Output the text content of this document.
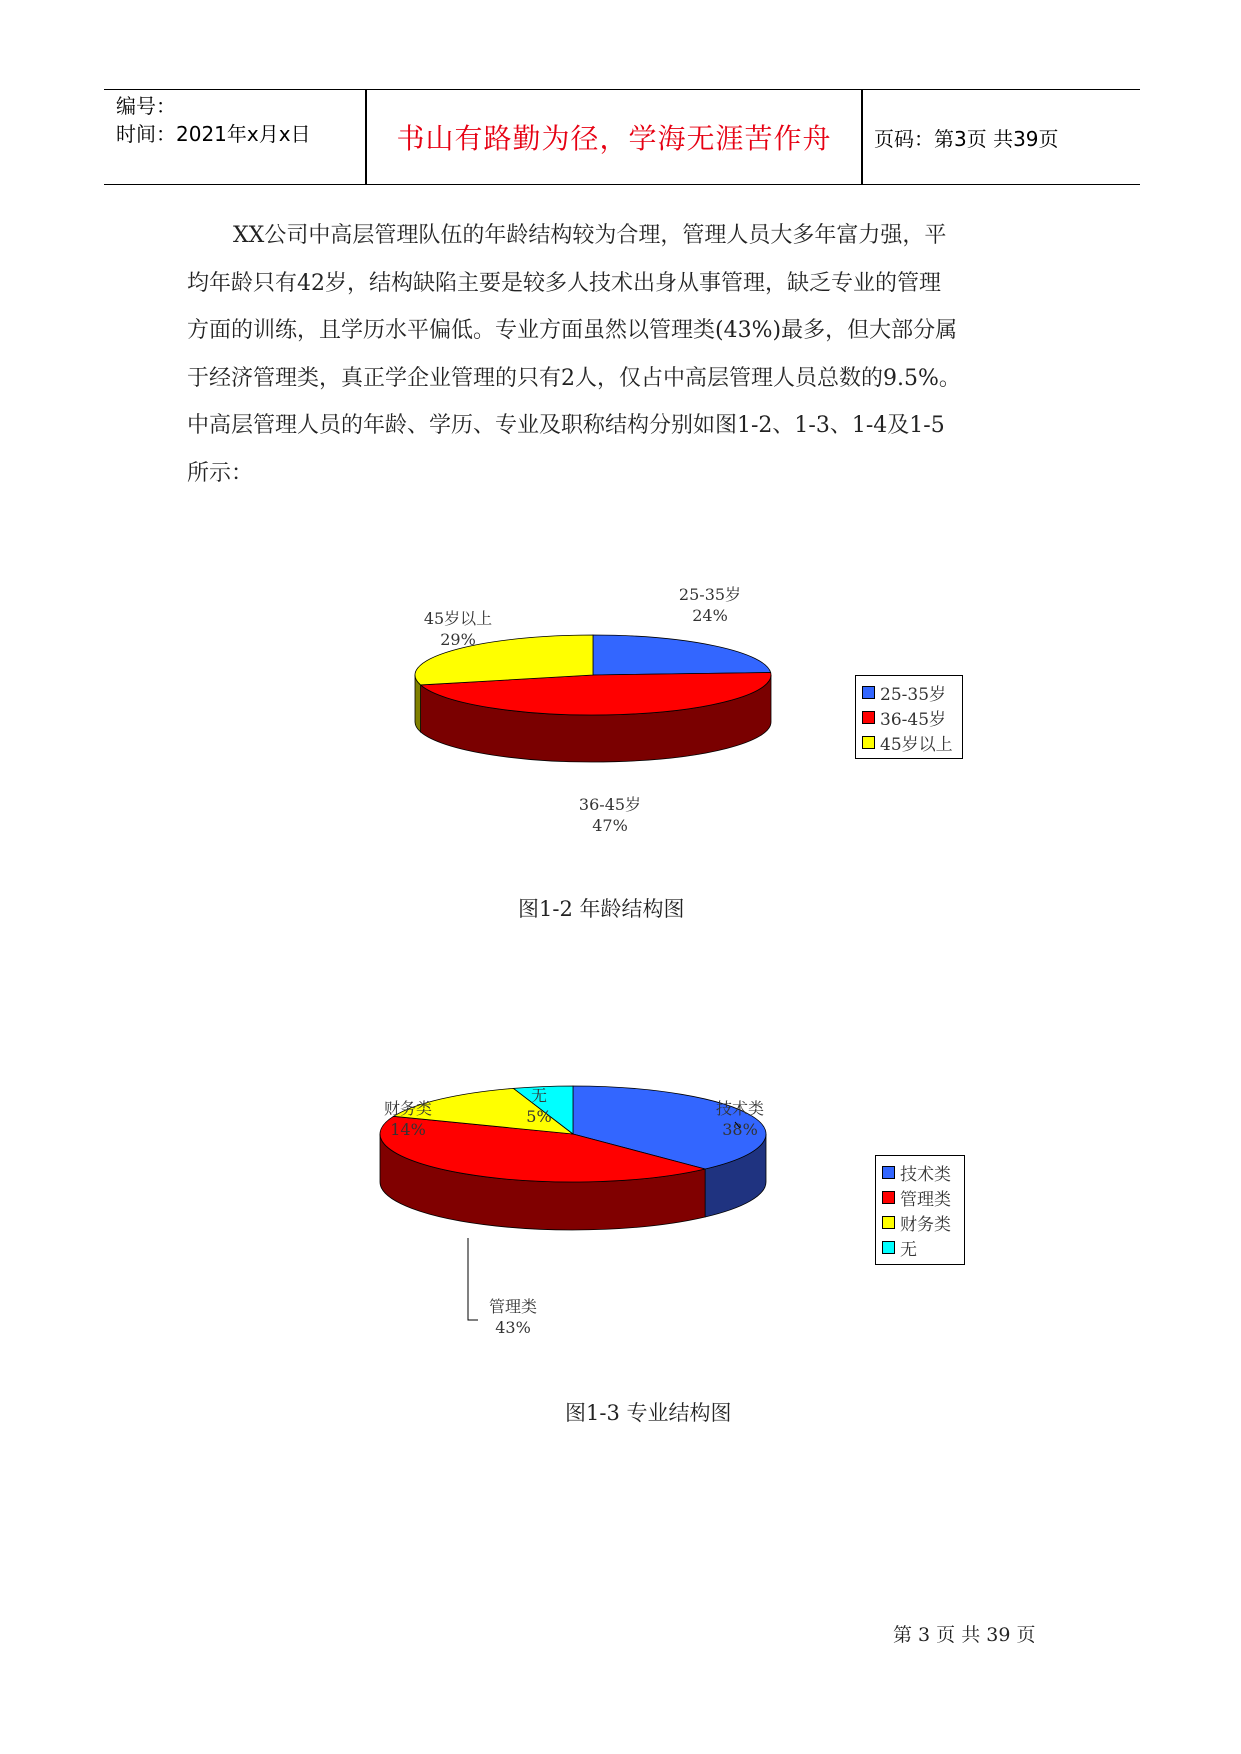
编号：
时间：2021年x月x日	书山有路勤为径，学海无涯苦作舟	页码：第3页 共39页
XX公司中高层管理队伍的年龄结构较为合理，管理人员大多年富力强，平
均年龄只有42岁，结构缺陷主要是较多人技术出身从事管理，缺乏专业的管理
方面的训练，且学历水平偏低。专业方面虽然以管理类(43%)最多，但大部分属
于经济管理类，真正学企业管理的只有2人，仅占中高层管理人员总数的9.5%。
中高层管理人员的年龄、学历、专业及职称结构分别如图1-2、1-3、1-4及1-5
所示：
25-35岁
24%
36-45岁
47%
45岁以上
29%
25-35岁
36-45岁
45岁以上
图1-2 年龄结构图
技术类
38%
管理类
43%
财务类
14%
无
5%
技术类
管理类
财务类
无
图1-3 专业结构图
第 3 页 共 39 页
